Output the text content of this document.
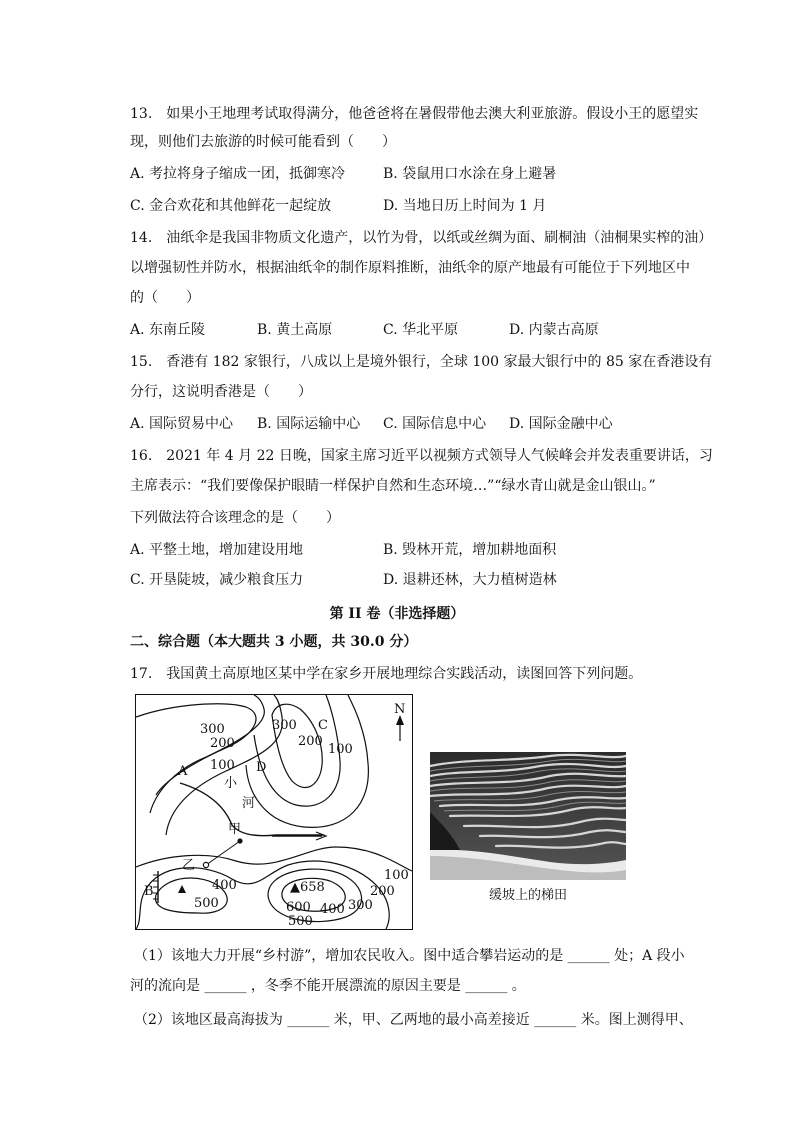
13.　如果小王地理考试取得满分，他爸爸将在暑假带他去澳大利亚旅游。假设小王的愿望实
现，则他们去旅游的时候可能看到（　　）
A. 考拉将身子缩成一团，抵御寒冷	B. 袋鼠用口水涂在身上避暑
C. 金合欢花和其他鲜花一起绽放	D. 当地日历上时间为 1 月
14.　油纸伞是我国非物质文化遗产，以竹为骨，以纸或丝绸为面、刷桐油（油桐果实榨的油）
以增强韧性并防水，根据油纸伞的制作原料推断，油纸伞的原产地最有可能位于下列地区中
的（　　）
A. 东南丘陵	B. 黄土高原	C. 华北平原	D. 内蒙古高原
15.　香港有 182 家银行，八成以上是境外银行，全球 100 家最大银行中的 85 家在香港设有
分行，这说明香港是（　　）
A. 国际贸易中心 B. 国际运输中心 C. 国际信息中心 D. 国际金融中心
16.　2021 年 4 月 22 日晚，国家主席习近平以视频方式领导人气候峰会并发表重要讲话，习
主席表示：“我们要像保护眼睛一样保护自然和生态环境…”“绿水青山就是金山银山。”
下列做法符合该理念的是（　　）
A. 平整土地，增加建设用地	B. 毁林开荒，增加耕地面积
C. 开垦陡坡，减少粮食压力	D. 退耕还林，大力植树造林
第 II 卷（非选择题）
二、综合题（本大题共 3 小题，共 30.0 分）
17.　我国黄土高原地区某中学在家乡开展地理综合实践活动，读图回答下列问题。
N
300
200
100
300
200
100
100
200
300
400
500	600 400
500
▲658
A
B
C
D
甲
乙
小
河
缓坡上的梯田
（1）该地大力开展“乡村游”，增加农民收入。图中适合攀岩运动的是 ______ 处；A 段小
河的流向是 ______ ，冬季不能开展漂流的原因主要是 ______ 。
（2）该地区最高海拔为 ______ 米，甲、乙两地的最小高差接近 ______ 米。图上测得甲、
